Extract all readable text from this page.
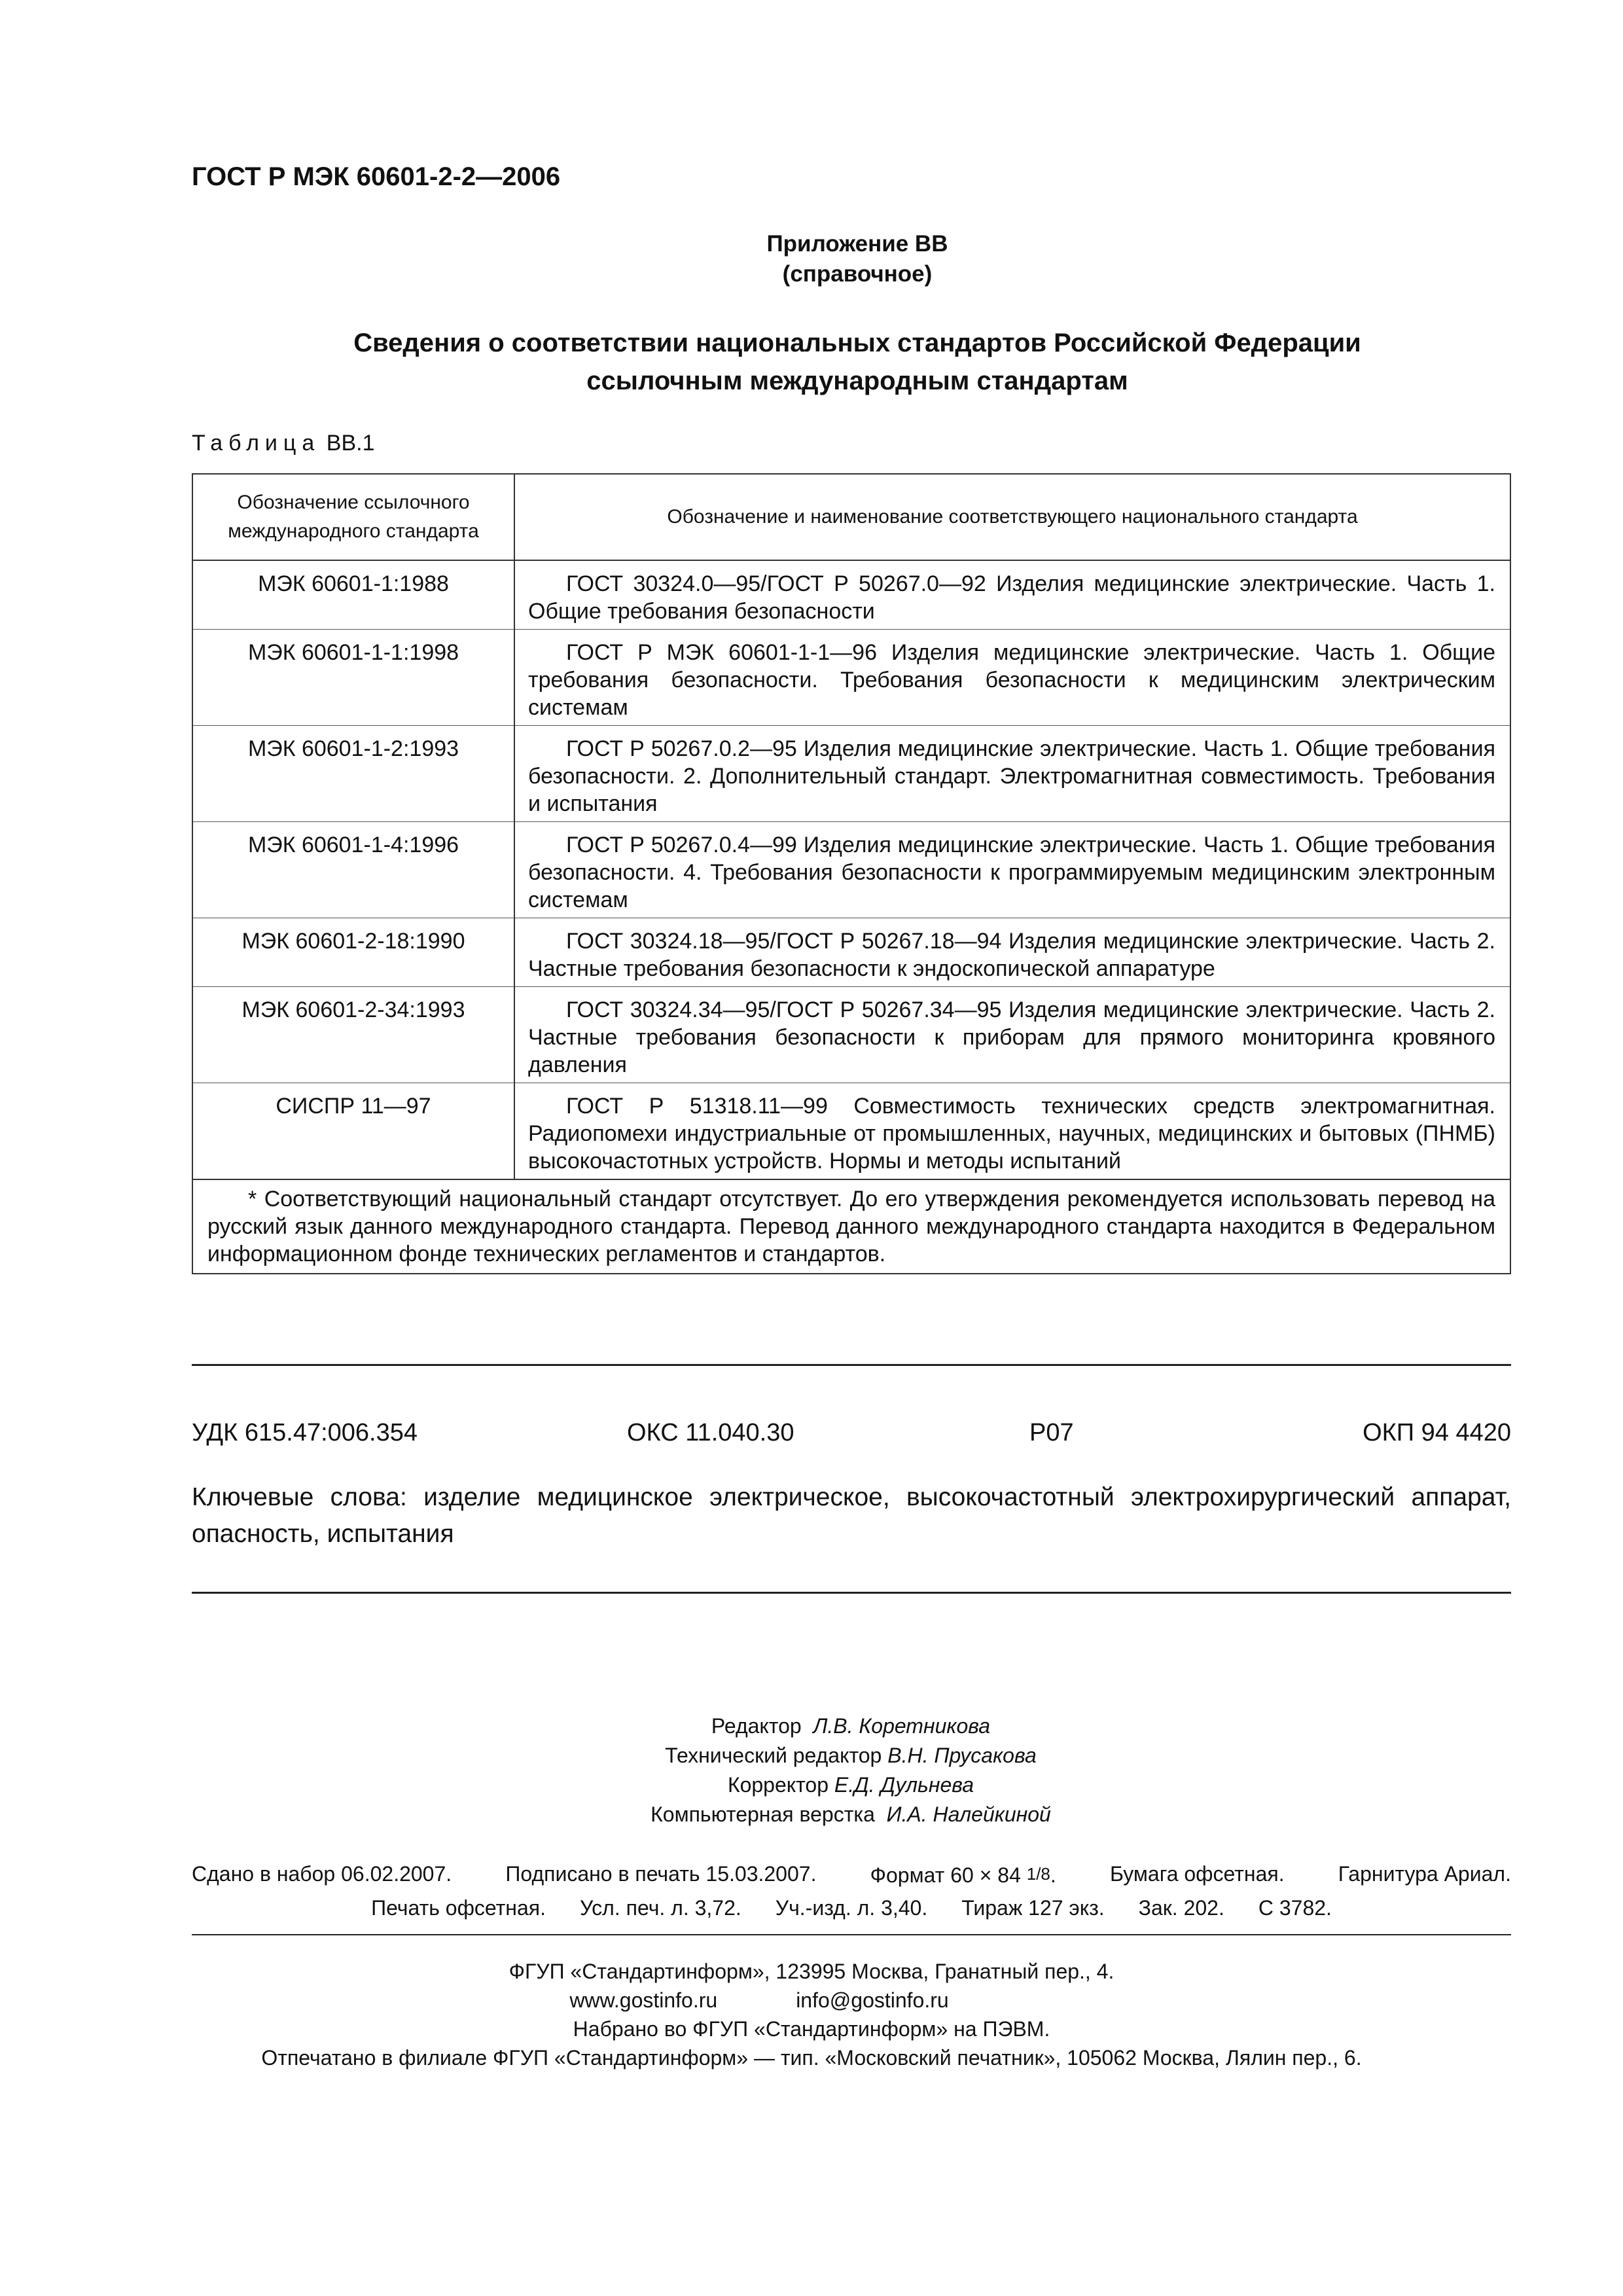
ГОСТ Р МЭК 60601-2-2—2006
Приложение ВВ
(справочное)
Сведения о соответствии национальных стандартов Российской Федерации
ссылочным международным стандартам
Таблица ВВ.1
Обозначение ссылочного международного стандарта	Обозначение и наименование соответствующего национального стандарта
МЭК 60601-1:1988	ГОСТ 30324.0—95/ГОСТ Р 50267.0—92 Изделия медицинские электрические. Часть 1. Общие требования безопасности
МЭК 60601-1-1:1998	ГОСТ Р МЭК 60601-1-1—96 Изделия медицинские электрические. Часть 1. Общие требования безопасности. Требования безопасности к медицинским электрическим системам
МЭК 60601-1-2:1993	ГОСТ Р 50267.0.2—95 Изделия медицинские электрические. Часть 1. Общие требования безопасности. 2. Дополнительный стандарт. Электромагнитная совместимость. Требования и испытания
МЭК 60601-1-4:1996	ГОСТ Р 50267.0.4—99 Изделия медицинские электрические. Часть 1. Общие требования безопасности. 4. Требования безопасности к программируемым медицинским электронным системам
МЭК 60601-2-18:1990	ГОСТ 30324.18—95/ГОСТ Р 50267.18—94 Изделия медицинские электрические. Часть 2. Частные требования безопасности к эндоскопической аппаратуре
МЭК 60601-2-34:1993	ГОСТ 30324.34—95/ГОСТ Р 50267.34—95 Изделия медицинские электрические. Часть 2. Частные требования безопасности к приборам для прямого мониторинга кровяного давления
СИСПР 11—97	ГОСТ Р 51318.11—99 Совместимость технических средств электромагнитная. Радиопомехи индустриальные от промышленных, научных, медицинских и бытовых (ПНМБ) высокочастотных устройств. Нормы и методы испытаний
* Соответствующий национальный стандарт отсутствует. До его утверждения рекомендуется использовать перевод на русский язык данного международного стандарта. Перевод данного международного стандарта находится в Федеральном информационном фонде технических регламентов и стандартов.	
УДК 615.47:006.354	ОКС 11.040.30	Р07	ОКП 94 4420
Ключевые слова: изделие медицинское электрическое, высокочастотный электрохирургический аппарат, опасность, испытания
Редактор Л.В. Коретникова
Технический редактор В.Н. Прусакова
Корректор Е.Д. Дульнева
Компьютерная верстка И.А. Налейкиной
Сдано в набор 06.02.2007.	Подписано в печать 15.03.2007.	Формат 60 × 84 1/8.	Бумага офсетная.	Гарнитура Ариал.
Печать офсетная. Усл. печ. л. 3,72. Уч.-изд. л. 3,40. Тираж 127 экз. Зак. 202. С 3782.
ФГУП «Стандартинформ», 123995 Москва, Гранатный пер., 4.
www.gostinfo.ru	info@gostinfo.ru
Набрано во ФГУП «Стандартинформ» на ПЭВМ.
Отпечатано в филиале ФГУП «Стандартинформ» — тип. «Московский печатник», 105062 Москва, Лялин пер., 6.
